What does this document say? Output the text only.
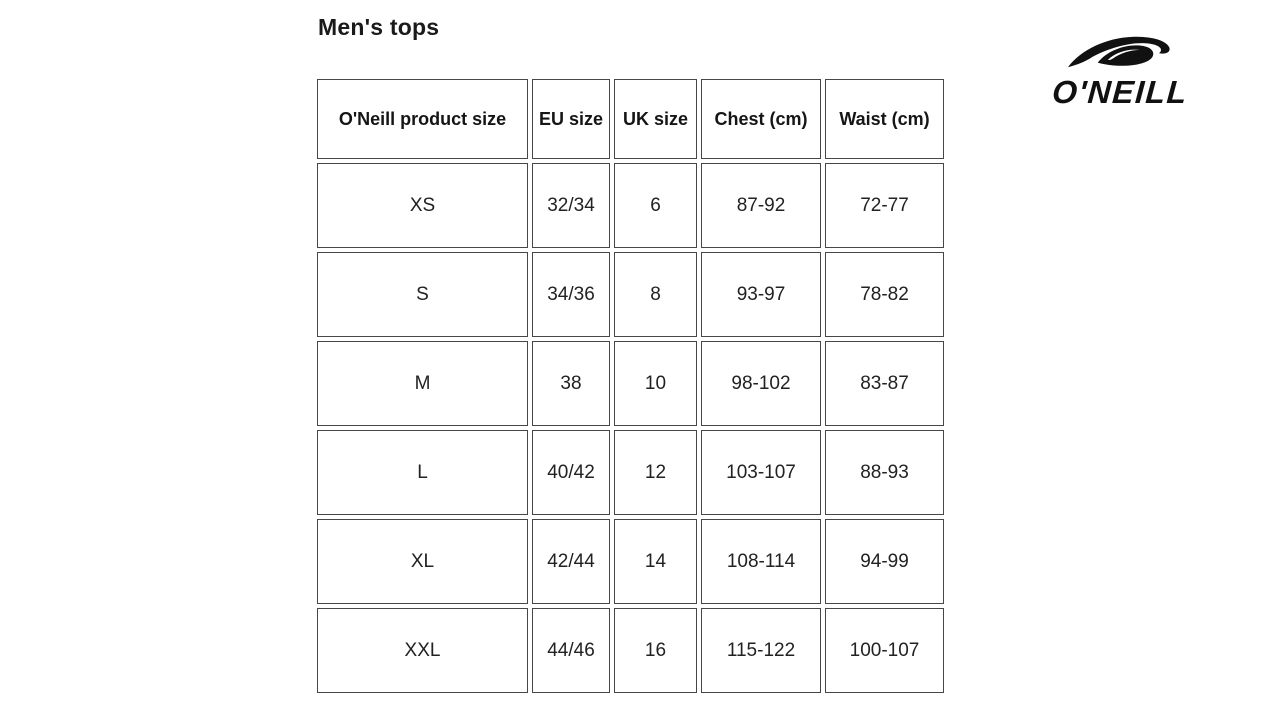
Men's tops
O'Neill product size	EU size	UK size	Chest (cm)	Waist (cm)
XS	32/34	6	87-92	72-77
S	34/36	8	93-97	78-82
M	38	10	98-102	83-87
L	40/42	12	103-107	88-93
XL	42/44	14	108-114	94-99
XXL	44/46	16	115-122	100-107
O'NEILL
